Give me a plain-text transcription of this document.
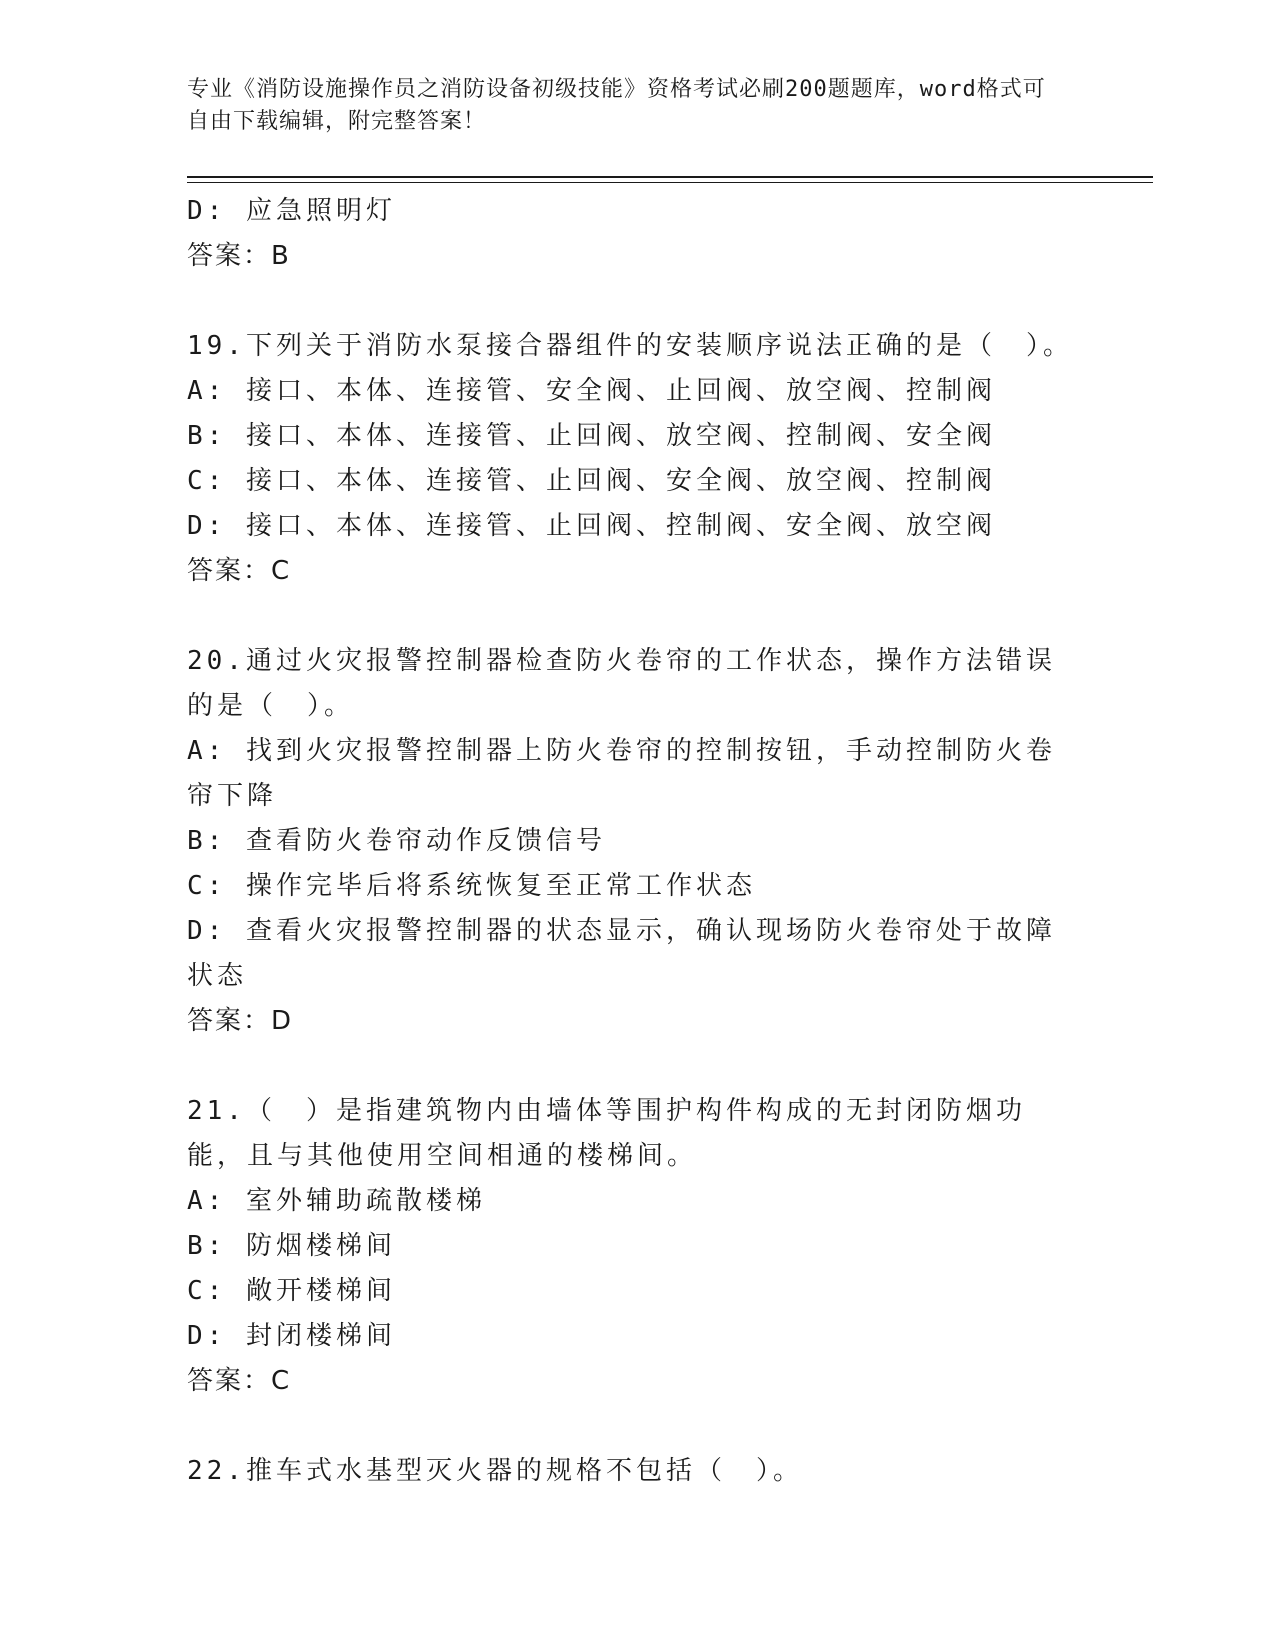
专业《消防设施操作员之消防设备初级技能》资格考试必刷200题题库，word格式可自由下载编辑，附完整答案！

D: 应急照明灯

答案：B

19.下列关于消防水泵接合器组件的安装顺序说法正确的是（　）。

A: 接口、本体、连接管、安全阀、止回阀、放空阀、控制阀

B: 接口、本体、连接管、止回阀、放空阀、控制阀、安全阀

C: 接口、本体、连接管、止回阀、安全阀、放空阀、控制阀

D: 接口、本体、连接管、止回阀、控制阀、安全阀、放空阀

答案：C

20.通过火灾报警控制器检查防火卷帘的工作状态，操作方法错误的是（　）。

A: 找到火灾报警控制器上防火卷帘的控制按钮，手动控制防火卷帘下降

B: 查看防火卷帘动作反馈信号

C: 操作完毕后将系统恢复至正常工作状态

D: 查看火灾报警控制器的状态显示，确认现场防火卷帘处于故障状态

答案：D

21.（　）是指建筑物内由墙体等围护构件构成的无封闭防烟功能，且与其他使用空间相通的楼梯间。

A: 室外辅助疏散楼梯

B: 防烟楼梯间

C: 敞开楼梯间

D: 封闭楼梯间

答案：C

22.推车式水基型灭火器的规格不包括（　）。
